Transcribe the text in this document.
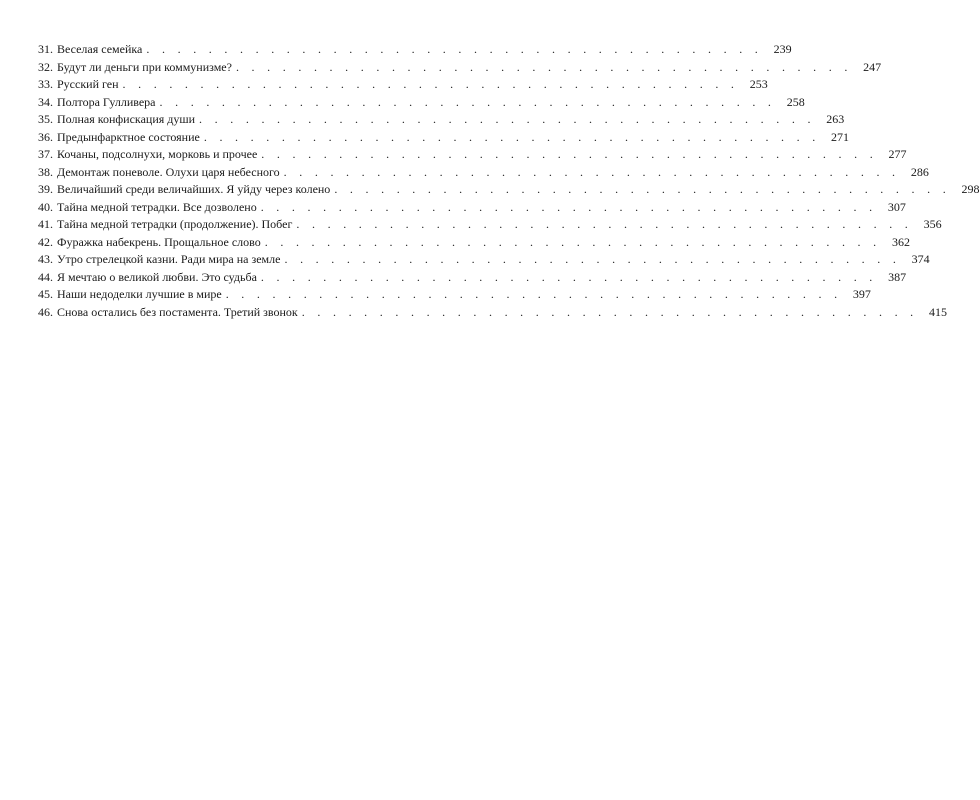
31. Веселая семейка . . . . . . . . . . . . . . . . . . . . . . . . . . . . . . . . . . . . . . . . 239
32. Будут ли деньги при коммунизме? . . . . . . . . . . . . . . . . . . . . . . . . . . . . . . . . . . . . . . . . 247
33. Русский ген . . . . . . . . . . . . . . . . . . . . . . . . . . . . . . . . . . . . . . . . 253
34. Полтора Гулливера . . . . . . . . . . . . . . . . . . . . . . . . . . . . . . . . . . . . . . . . 258
35. Полная конфискация души . . . . . . . . . . . . . . . . . . . . . . . . . . . . . . . . . . . . . . . . 263
36. Предынфарктное состояние . . . . . . . . . . . . . . . . . . . . . . . . . . . . . . . . . . . . . . . . 271
37. Кочаны, подсолнухи, морковь и прочее . . . . . . . . . . . . . . . . . . . . . . . . . . . . . . . . . . . . . . . . 277
38. Демонтаж поневоле. Олухи царя небесного . . . . . . . . . . . . . . . . . . . . . . . . . . . . . . . . . . . . . . . . 286
39. Величайший среди величайших. Я уйду через колено . . . . . . . . . . . . . . . . . . . . . . . . . . . . . . . . . . . . . . . . 298
40. Тайна медной тетрадки. Все дозволено . . . . . . . . . . . . . . . . . . . . . . . . . . . . . . . . . . . . . . . . 307
41. Тайна медной тетрадки (продолжение). Побег . . . . . . . . . . . . . . . . . . . . . . . . . . . . . . . . . . . . . . . . 356
42. Фуражка набекрень. Прощальное слово . . . . . . . . . . . . . . . . . . . . . . . . . . . . . . . . . . . . . . . . 362
43. Утро стрелецкой казни. Ради мира на земле . . . . . . . . . . . . . . . . . . . . . . . . . . . . . . . . . . . . . . . . 374
44. Я мечтаю о великой любви. Это судьба . . . . . . . . . . . . . . . . . . . . . . . . . . . . . . . . . . . . . . . . 387
45. Наши недоделки лучшие в мире . . . . . . . . . . . . . . . . . . . . . . . . . . . . . . . . . . . . . . . . 397
46. Снова остались без постамента. Третий звонок . . . . . . . . . . . . . . . . . . . . . . . . . . . . . . . . . . . . . . . . 415
